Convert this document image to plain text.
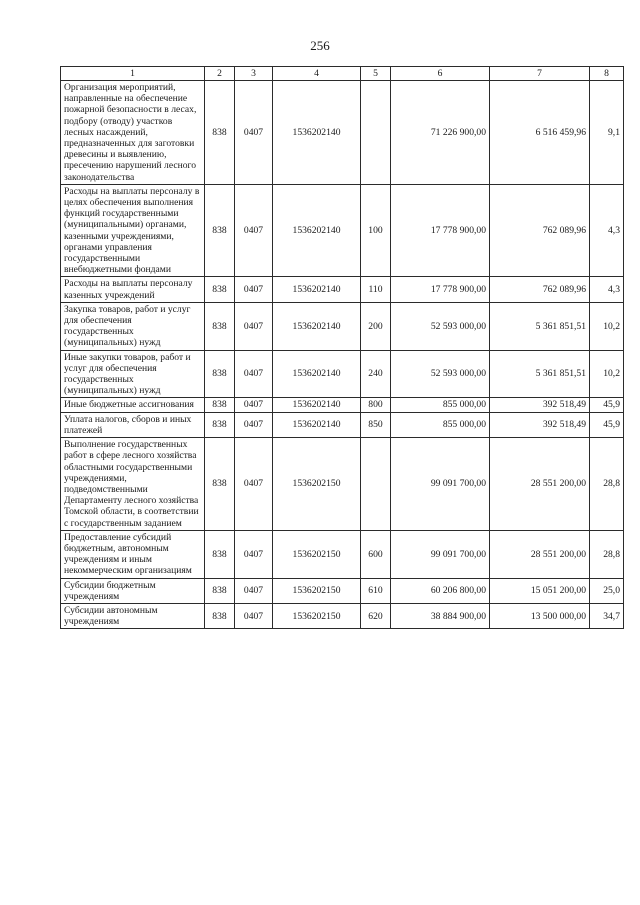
256
1	2	3	4	5	6	7	8
Организация мероприятий, направленные на обеспечение пожарной безопасности в лесах, подбору (отводу) участков лесных насаждений, предназначенных для заготовки древесины и выявлению, пресечению нарушений лесного законодательства	838	0407	1536202140		71 226 900,00	6 516 459,96	9,1
Расходы на выплаты персоналу в целях обеспечения выполнения функций государственными (муниципальными) органами, казенными учреждениями, органами управления государственными внебюджетными фондами	838	0407	1536202140	100	17 778 900,00	762 089,96	4,3
Расходы на выплаты персоналу казенных учреждений	838	0407	1536202140	110	17 778 900,00	762 089,96	4,3
Закупка товаров, работ и услуг для обеспечения государственных (муниципальных) нужд	838	0407	1536202140	200	52 593 000,00	5 361 851,51	10,2
Иные закупки товаров, работ и услуг для обеспечения государственных (муниципальных) нужд	838	0407	1536202140	240	52 593 000,00	5 361 851,51	10,2
Иные бюджетные ассигнования	838	0407	1536202140	800	855 000,00	392 518,49	45,9
Уплата налогов, сборов и иных платежей	838	0407	1536202140	850	855 000,00	392 518,49	45,9
Выполнение государственных работ в сфере лесного хозяйства областными государственными учреждениями, подведомственными Департаменту лесного хозяйства Томской области, в соответствии с государственным заданием	838	0407	1536202150		99 091 700,00	28 551 200,00	28,8
Предоставление субсидий бюджетным, автономным учреждениям и иным некоммерческим организациям	838	0407	1536202150	600	99 091 700,00	28 551 200,00	28,8
Субсидии бюджетным учреждениям	838	0407	1536202150	610	60 206 800,00	15 051 200,00	25,0
Субсидии автономным учреждениям	838	0407	1536202150	620	38 884 900,00	13 500 000,00	34,7
